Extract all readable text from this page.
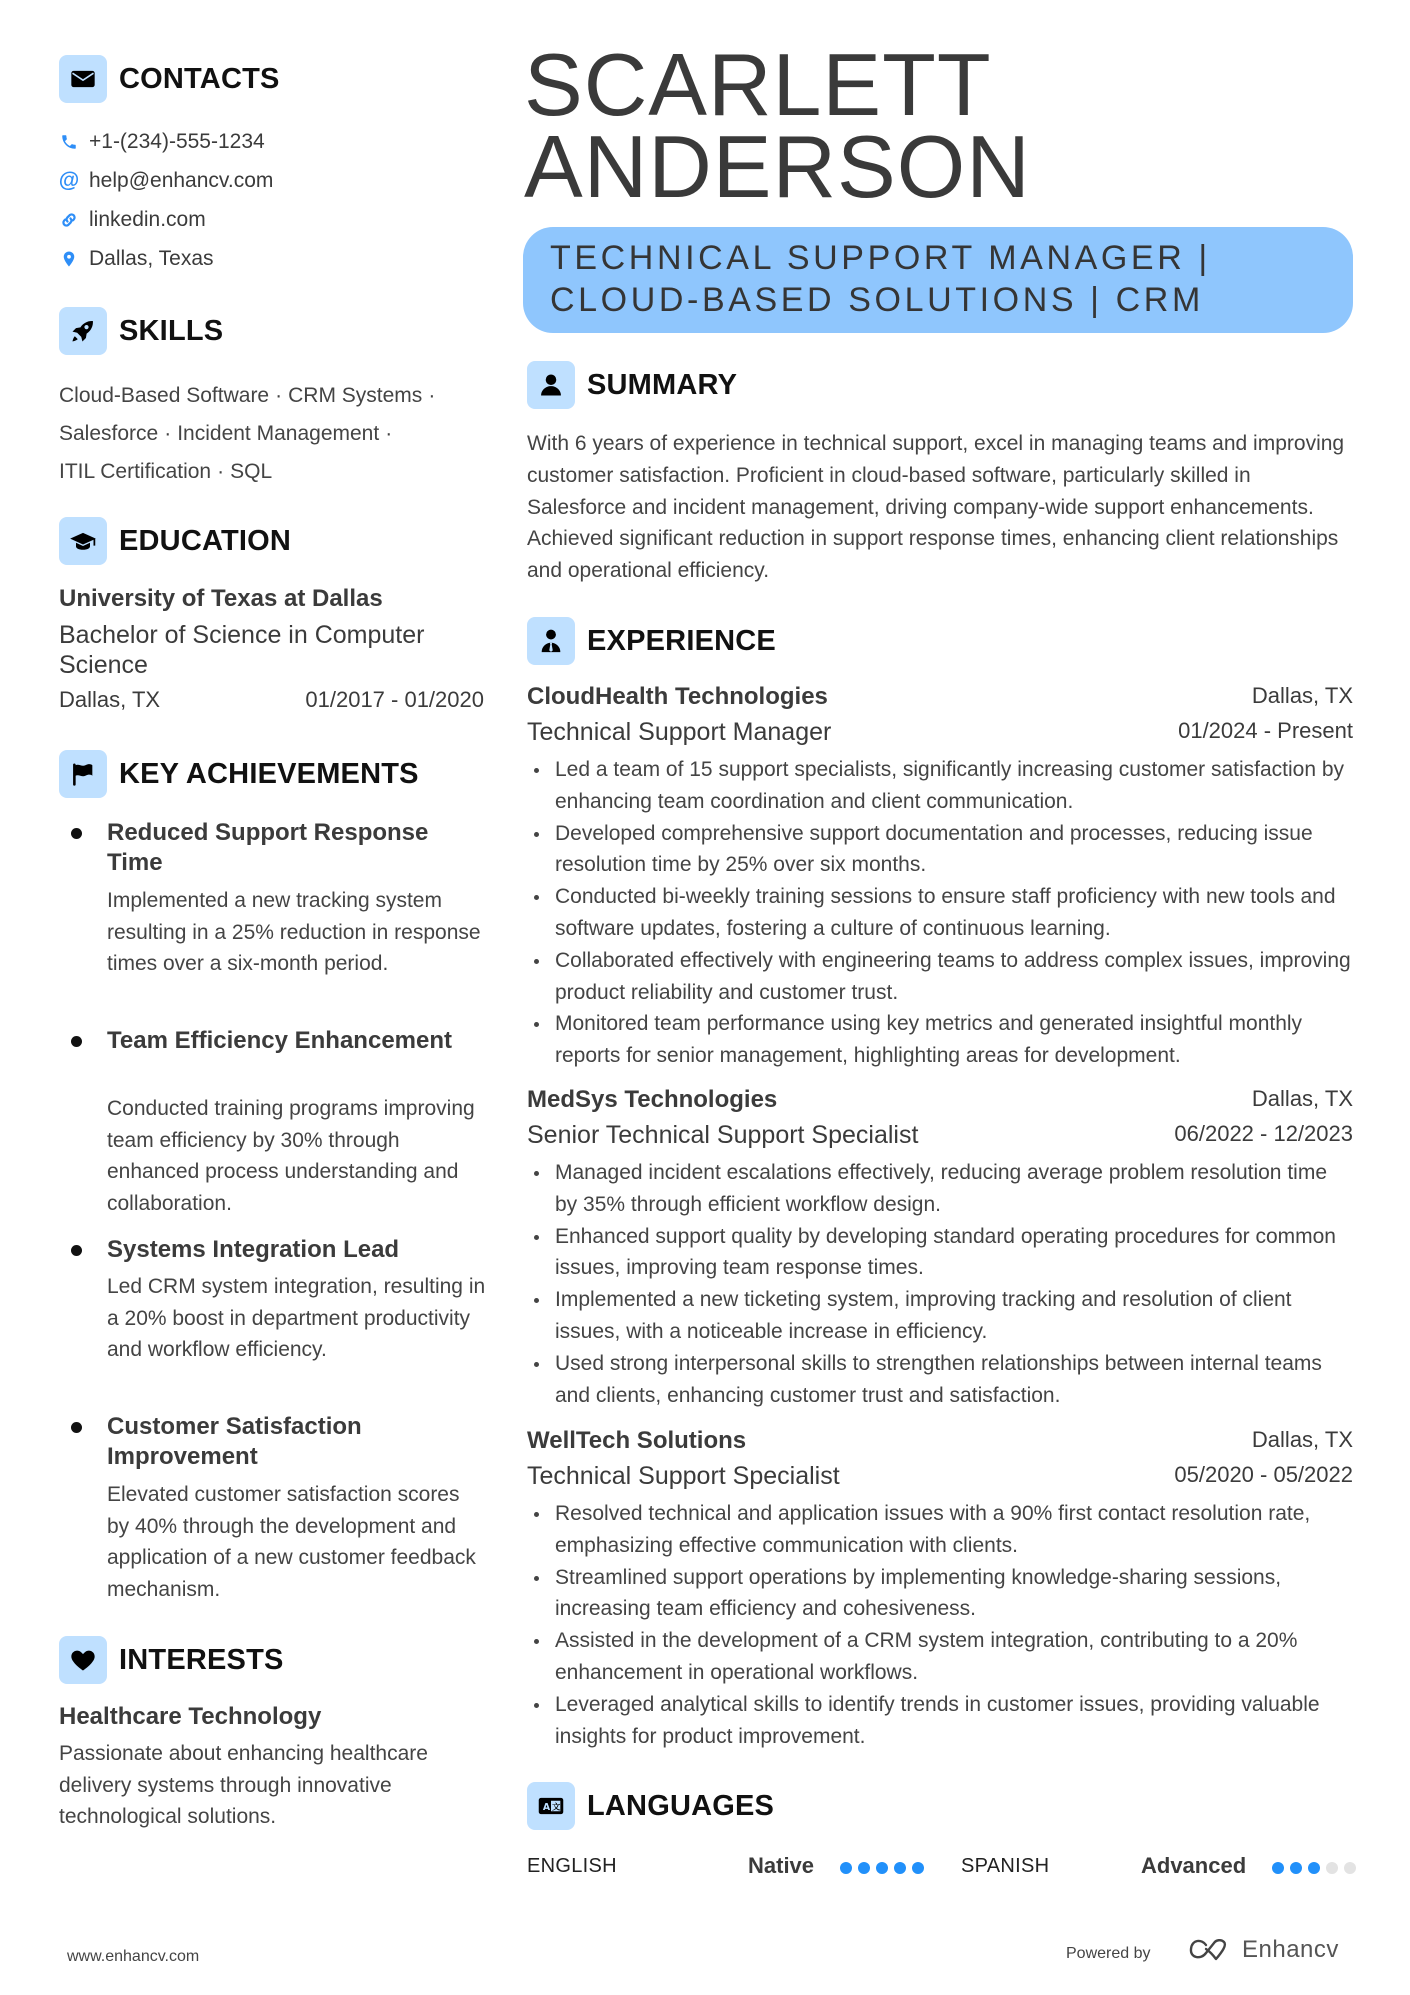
CONTACTS
+1-(234)-555-1234
@ help@enhancv.com
linkedin.com
Dallas, Texas
SKILLS
Cloud-Based Software · CRM Systems ·
Salesforce · Incident Management ·
ITIL Certification · SQL
EDUCATION
University of Texas at Dallas
Bachelor of Science in Computer Science
Dallas, TX	01/2017 - 01/2020
KEY ACHIEVEMENTS
Reduced Support Response Time
Implemented a new tracking system resulting in a 25% reduction in response times over a six-month period.
Team Efficiency Enhancement
Conducted training programs improving team efficiency by 30% through enhanced process understanding and collaboration.
Systems Integration Lead
Led CRM system integration, resulting in a 20% boost in department productivity and workflow efficiency.
Customer Satisfaction Improvement
Elevated customer satisfaction scores by 40% through the development and application of a new customer feedback mechanism.
INTERESTS
Healthcare Technology
Passionate about enhancing healthcare delivery systems through innovative technological solutions.
SCARLETT
ANDERSON
TECHNICAL SUPPORT MANAGER |
CLOUD-BASED SOLUTIONS | CRM
SUMMARY
With 6 years of experience in technical support, excel in managing teams and improving customer satisfaction. Proficient in cloud-based software, particularly skilled in Salesforce and incident management, driving company-wide support enhancements. Achieved significant reduction in support response times, enhancing client relationships and operational efficiency.
EXPERIENCE
CloudHealth Technologies	Dallas, TX
Technical Support Manager	01/2024 - Present
Led a team of 15 support specialists, significantly increasing customer satisfaction by enhancing team coordination and client communication.
Developed comprehensive support documentation and processes, reducing issue resolution time by 25% over six months.
Conducted bi-weekly training sessions to ensure staff proficiency with new tools and software updates, fostering a culture of continuous learning.
Collaborated effectively with engineering teams to address complex issues, improving product reliability and customer trust.
Monitored team performance using key metrics and generated insightful monthly reports for senior management, highlighting areas for development.
MedSys Technologies	Dallas, TX
Senior Technical Support Specialist	06/2022 - 12/2023
Managed incident escalations effectively, reducing average problem resolution time by 35% through efficient workflow design.
Enhanced support quality by developing standard operating procedures for common issues, improving team response times.
Implemented a new ticketing system, improving tracking and resolution of client issues, with a noticeable increase in efficiency.
Used strong interpersonal skills to strengthen relationships between internal teams and clients, enhancing customer trust and satisfaction.
WellTech Solutions	Dallas, TX
Technical Support Specialist	05/2020 - 05/2022
Resolved technical and application issues with a 90% first contact resolution rate, emphasizing effective communication with clients.
Streamlined support operations by implementing knowledge-sharing sessions, increasing team efficiency and cohesiveness.
Assisted in the development of a CRM system integration, contributing to a 20% enhancement in operational workflows.
Leveraged analytical skills to identify trends in customer issues, providing valuable insights for product improvement.
A 文 LANGUAGES
ENGLISH	Native	SPANISH	Advanced
www.enhancv.com	Powered by	Enhancv
